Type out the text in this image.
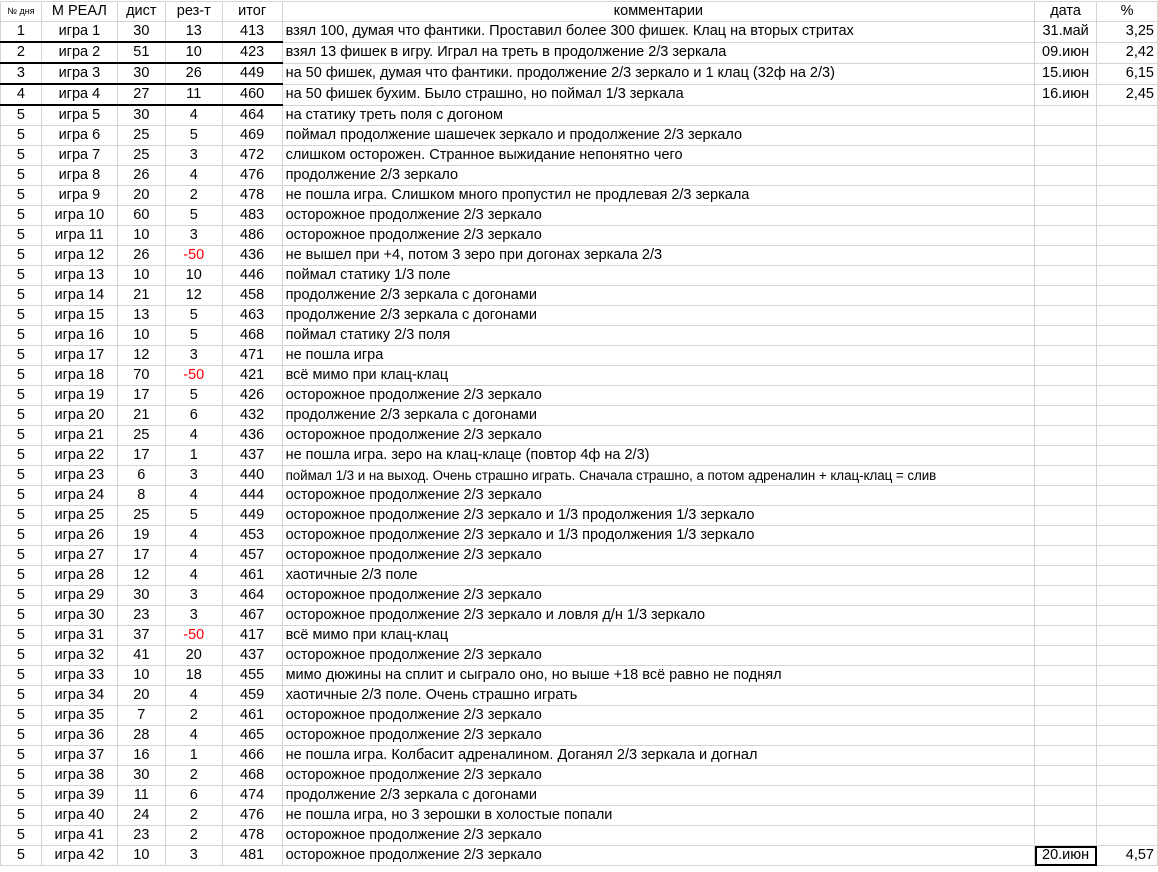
№ дня	М РЕАЛ	дист	рез-т	итог	комментарии	дата	%
1	игра 1	30	13	413	взял 100, думая что фантики. Проставил более 300 фишек. Клац на вторых стритах	31.май	3,25
2	игра 2	51	10	423	взял 13 фишек в игру. Играл на треть в продолжение 2/3 зеркала	09.июн	2,42
3	игра 3	30	26	449	на 50 фишек, думая что фантики. продолжение 2/3 зеркало и 1 клац (32ф на 2/3)	15.июн	6,15
4	игра 4	27	11	460	на 50 фишек бухим. Было страшно, но поймал 1/3 зеркала	16.июн	2,45
5	игра 5	30	4	464	на статику треть поля с догоном		
5	игра 6	25	5	469	поймал продолжение шашечек зеркало и продолжение 2/3 зеркало		
5	игра 7	25	3	472	слишком осторожен. Странное выжидание непонятно чего		
5	игра 8	26	4	476	продолжение 2/3 зеркало		
5	игра 9	20	2	478	не пошла игра. Слишком много пропустил не продлевая 2/3 зеркала		
5	игра 10	60	5	483	осторожное продолжение 2/3 зеркало		
5	игра 11	10	3	486	осторожное продолжение 2/3 зеркало		
5	игра 12	26	-50	436	не вышел при +4, потом 3 зеро при догонах зеркала 2/3		
5	игра 13	10	10	446	поймал статику 1/3 поле		
5	игра 14	21	12	458	продолжение 2/3 зеркала с догонами		
5	игра 15	13	5	463	продолжение 2/3 зеркала с догонами		
5	игра 16	10	5	468	поймал статику 2/3 поля		
5	игра 17	12	3	471	не пошла игра		
5	игра 18	70	-50	421	всё мимо при клац-клац		
5	игра 19	17	5	426	осторожное продолжение 2/3 зеркало		
5	игра 20	21	6	432	продолжение 2/3 зеркала с догонами		
5	игра 21	25	4	436	осторожное продолжение 2/3 зеркало		
5	игра 22	17	1	437	не пошла игра. зеро на клац-клаце (повтор 4ф на 2/3)		
5	игра 23	6	3	440	поймал 1/3 и на выход. Очень страшно играть. Сначала страшно, а потом адреналин + клац-клац = слив		
5	игра 24	8	4	444	осторожное продолжение 2/3 зеркало		
5	игра 25	25	5	449	осторожное продолжение 2/3 зеркало и 1/3 продолжения 1/3 зеркало		
5	игра 26	19	4	453	осторожное продолжение 2/3 зеркало и 1/3 продолжения 1/3 зеркало		
5	игра 27	17	4	457	осторожное продолжение 2/3 зеркало		
5	игра 28	12	4	461	хаотичные 2/3 поле		
5	игра 29	30	3	464	осторожное продолжение 2/3 зеркало		
5	игра 30	23	3	467	осторожное продолжение 2/3 зеркало и ловля д/н 1/3 зеркало		
5	игра 31	37	-50	417	всё мимо при клац-клац		
5	игра 32	41	20	437	осторожное продолжение 2/3 зеркало		
5	игра 33	10	18	455	мимо дюжины на сплит и сыграло оно, но выше +18 всё равно не поднял		
5	игра 34	20	4	459	хаотичные 2/3 поле. Очень страшно играть		
5	игра 35	7	2	461	осторожное продолжение 2/3 зеркало		
5	игра 36	28	4	465	осторожное продолжение 2/3 зеркало		
5	игра 37	16	1	466	не пошла игра. Колбасит адреналином. Доганял 2/3 зеркала и догнал		
5	игра 38	30	2	468	осторожное продолжение 2/3 зеркало		
5	игра 39	11	6	474	продолжение 2/3 зеркала с догонами		
5	игра 40	24	2	476	не пошла игра, но 3 зерошки в холостые попали		
5	игра 41	23	2	478	осторожное продолжение 2/3 зеркало		
5	игра 42	10	3	481	осторожное продолжение 2/3 зеркало	20.июн	4,57
